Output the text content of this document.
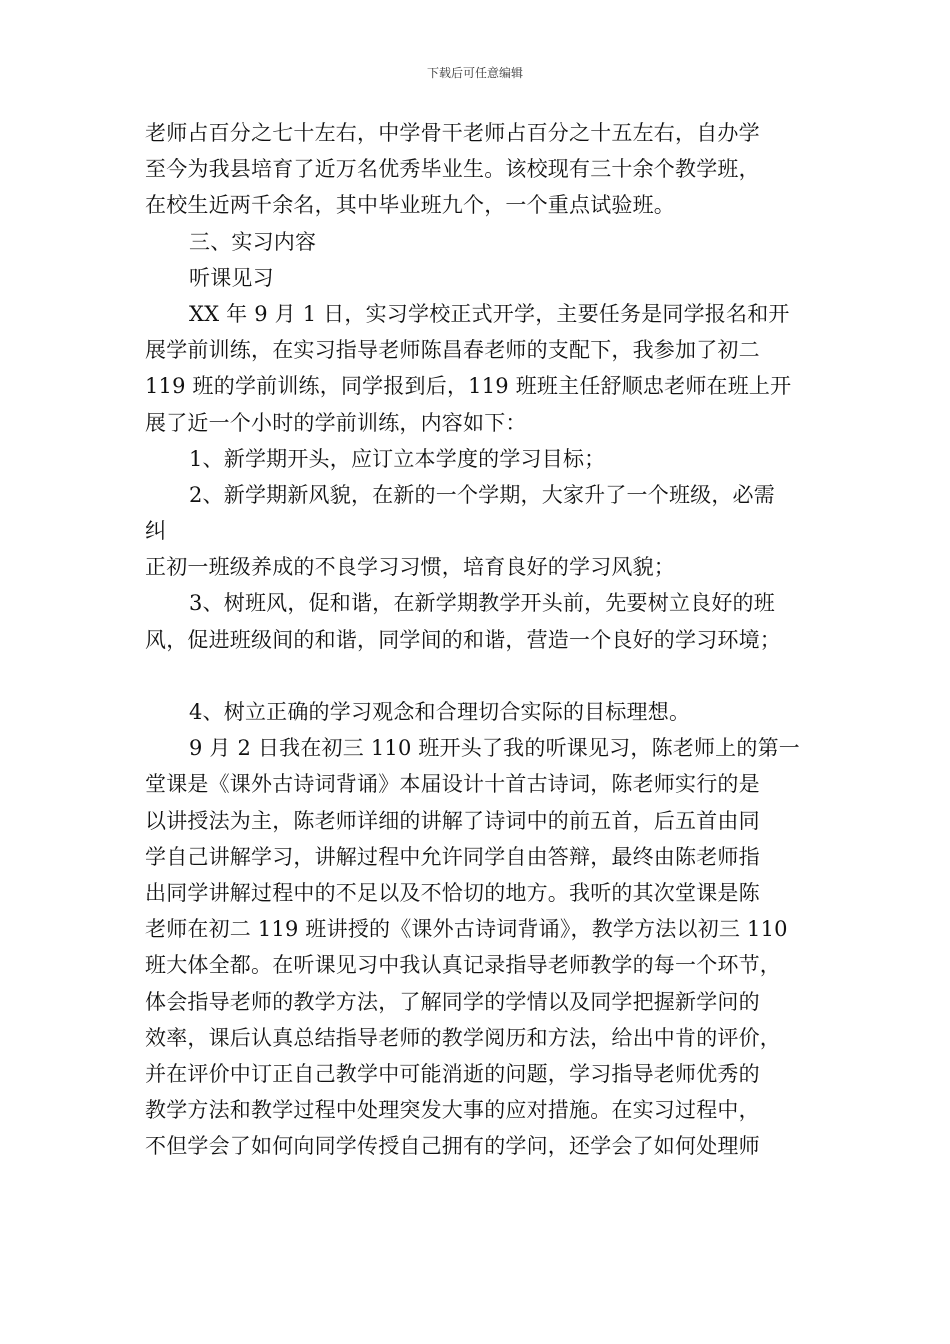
下载后可任意编辑
老师占百分之七十左右，中学骨干老师占百分之十五左右，自办学
至今为我县培育了近万名优秀毕业生。该校现有三十余个教学班，
在校生近两千余名，其中毕业班九个，一个重点试验班。
三、实习内容
听课见习
XX 年 9 月 1 日，实习学校正式开学，主要任务是同学报名和开
展学前训练，在实习指导老师陈昌春老师的支配下，我参加了初二
119 班的学前训练，同学报到后，119 班班主任舒顺忠老师在班上开
展了近一个小时的学前训练，内容如下：
1、新学期开头，应订立本学度的学习目标；
2、新学期新风貌，在新的一个学期，大家升了一个班级，必需
纠
正初一班级养成的不良学习习惯，培育良好的学习风貌；
3、树班风，促和谐，在新学期教学开头前，先要树立良好的班
风，促进班级间的和谐，同学间的和谐，营造一个良好的学习环境；
4、树立正确的学习观念和合理切合实际的目标理想。
9 月 2 日我在初三 110 班开头了我的听课见习，陈老师上的第一
堂课是《课外古诗词背诵》本届设计十首古诗词，陈老师实行的是
以讲授法为主，陈老师详细的讲解了诗词中的前五首，后五首由同
学自己讲解学习，讲解过程中允许同学自由答辩，最终由陈老师指
出同学讲解过程中的不足以及不恰切的地方。我听的其次堂课是陈
老师在初二 119 班讲授的《课外古诗词背诵》，教学方法以初三 110
班大体全都。在听课见习中我认真记录指导老师教学的每一个环节，
体会指导老师的教学方法，了解同学的学情以及同学把握新学问的
效率，课后认真总结指导老师的教学阅历和方法，给出中肯的评价，
并在评价中订正自己教学中可能消逝的问题，学习指导老师优秀的
教学方法和教学过程中处理突发大事的应对措施。在实习过程中，
不但学会了如何向同学传授自己拥有的学问，还学会了如何处理师
